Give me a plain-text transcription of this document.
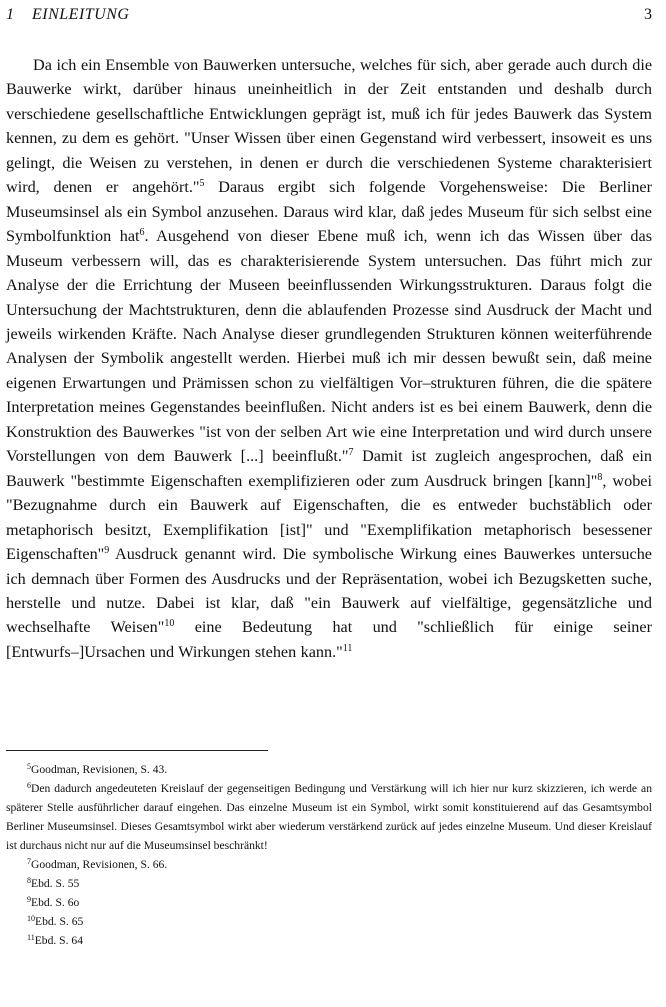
1 EINLEITUNG	3

Da ich ein Ensemble von Bauwerken untersuche, welches für sich, aber gerade auch durch die Bauwerke wirkt, darüber hinaus uneinheitlich in der Zeit entstanden und deshalb durch verschiedene gesellschaftliche Entwicklungen geprägt ist, muß ich für jedes Bauwerk das System kennen, zu dem es gehört. "Unser Wissen über einen Gegenstand wird verbessert, insoweit es uns gelingt, die Weisen zu verstehen, in denen er durch die verschiedenen Systeme charakterisiert wird, denen er angehört."$^5$ Daraus ergibt sich folgende Vorgehensweise: Die Berliner Museumsinsel als ein Symbol anzusehen. Daraus wird klar, daß jedes Museum für sich selbst eine Symbolfunktion hat$^6$. Ausgehend von dieser Ebene muß ich, wenn ich das Wissen über das Museum verbessern will, das es charakterisierende System untersuchen. Das führt mich zur Analyse der die Errichtung der Museen beeinflussenden Wirkungsstrukturen. Daraus folgt die Untersuchung der Machtstrukturen, denn die ablaufenden Prozesse sind Ausdruck der Macht und jeweils wirkenden Kräfte. Nach Analyse dieser grundlegenden Strukturen können weiterführende Analysen der Symbolik angestellt werden. Hierbei muß ich mir dessen bewußt sein, daß meine eigenen Erwartungen und Prämissen schon zu vielfältigen Vor–strukturen führen, die die spätere Interpretation meines Gegenstandes beeinflußen. Nicht anders ist es bei einem Bauwerk, denn die Konstruktion des Bauwerkes "ist von der selben Art wie eine Interpretation und wird durch unsere Vorstellungen von dem Bauwerk [...] beeinflußt."$^7$ Damit ist zugleich angesprochen, daß ein Bauwerk "bestimmte Eigenschaften exemplifizieren oder zum Ausdruck bringen [kann]"$^8$, wobei "Bezugnahme durch ein Bauwerk auf Eigenschaften, die es entweder buchstäblich oder metaphorisch besitzt, Exemplifikation [ist]" und "Exemplifikation metaphorisch besessener Eigenschaften"$^9$ Ausdruck genannt wird. Die symbolische Wirkung eines Bauwerkes untersuche ich demnach über Formen des Ausdrucks und der Repräsentation, wobei ich Bezugsketten suche, herstelle und nutze. Dabei ist klar, daß "ein Bauwerk auf vielfältige, gegensätzliche und wechselhafte Weisen"$^{10}$ eine Bedeutung hat und "schließlich für einige seiner [Entwurfs–]Ursachen und Wirkungen stehen kann."$^{11}$

$^5$Goodman, Revisionen, S. 43.

$^6$Den dadurch angedeuteten Kreislauf der gegenseitigen Bedingung und Verstärkung will ich hier nur kurz skizzieren, ich werde an späterer Stelle ausführlicher darauf eingehen. Das einzelne Museum ist ein Symbol, wirkt somit konstituierend auf das Gesamtsymbol Berliner Museumsinsel. Dieses Gesamtsymbol wirkt aber wiederum verstärkend zurück auf jedes einzelne Museum. Und dieser Kreislauf ist durchaus nicht nur auf die Museumsinsel beschränkt!

$^7$Goodman, Revisionen, S. 66.

$^8$Ebd. S. 55

$^9$Ebd. S. 6o

$^{10}$Ebd. S. 65

$^{11}$Ebd. S. 64
